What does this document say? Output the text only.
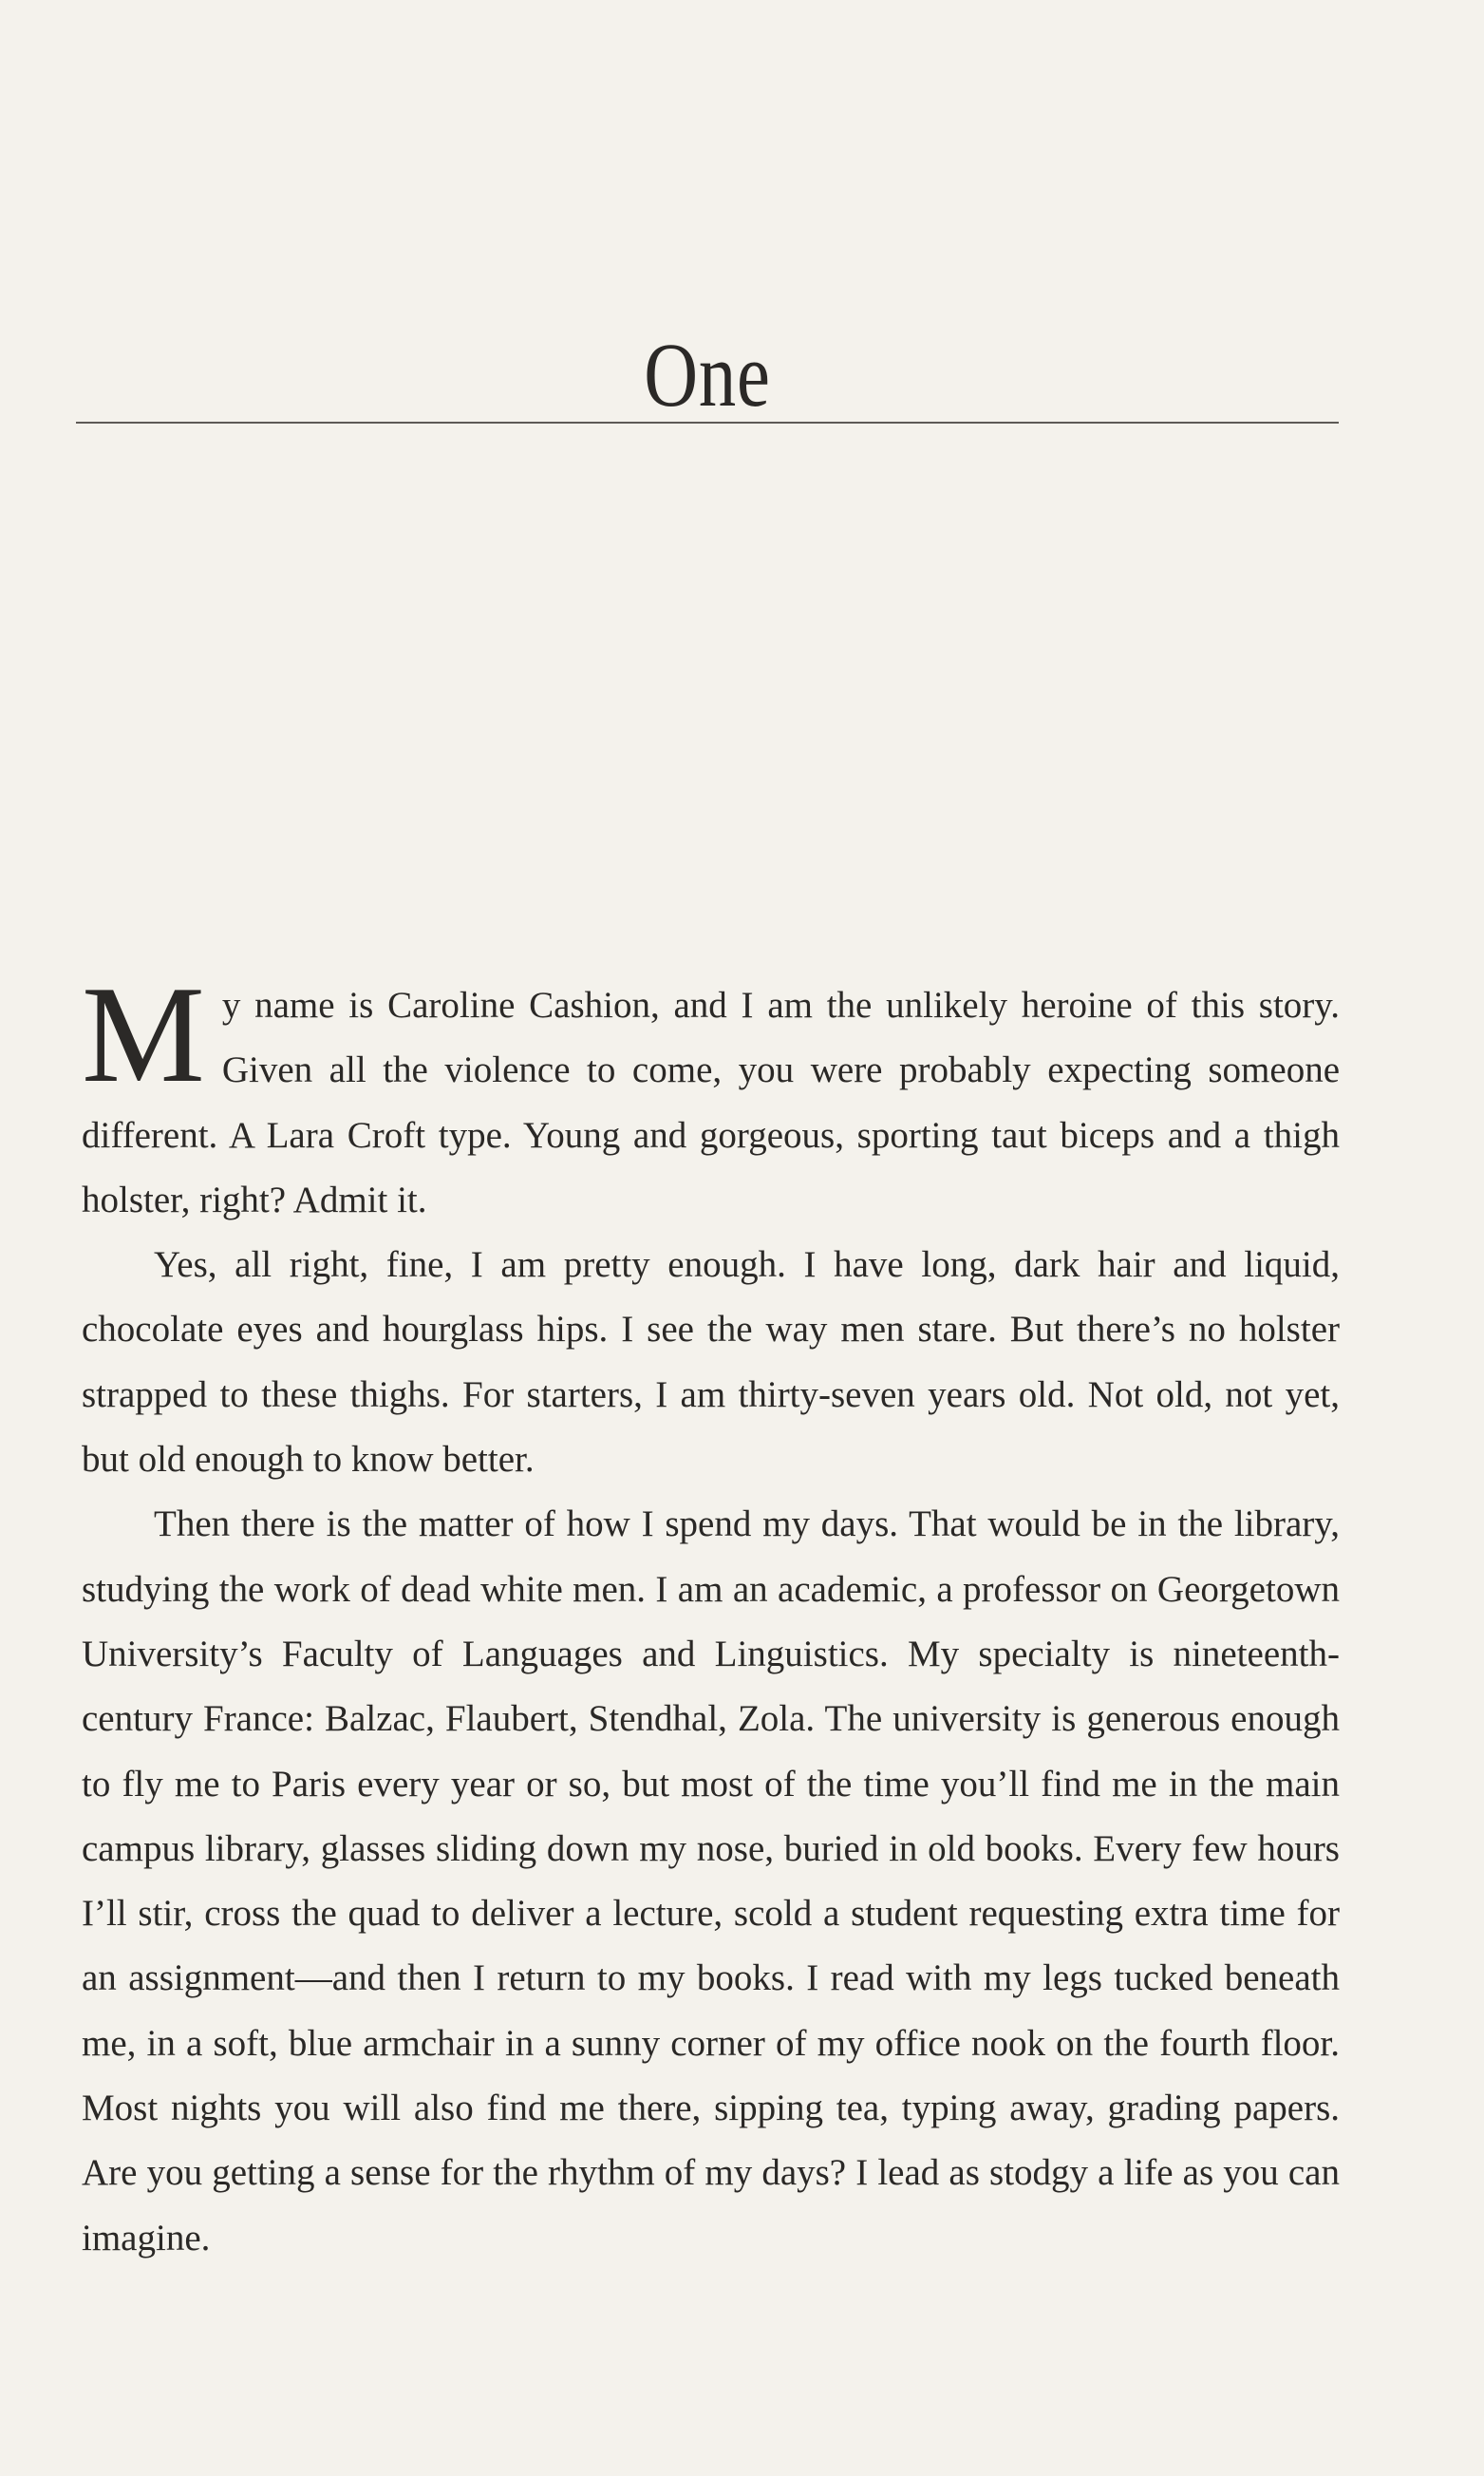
One

My name is Caroline Cashion, and I am the unlikely heroine of this story. Given all the violence to come, you were probably expecting someone different. A Lara Croft type. Young and gorgeous, sporting taut biceps and a thigh holster, right? Admit it.

Yes, all right, fine, I am pretty enough. I have long, dark hair and liquid, chocolate eyes and hourglass hips. I see the way men stare. But there’s no holster strapped to these thighs. For starters, I am thirty-seven years old. Not old, not yet, but old enough to know better.

Then there is the matter of how I spend my days. That would be in the library, studying the work of dead white men. I am an academic, a professor on Georgetown University’s Faculty of Languages and Linguistics. My specialty is nineteenth-century France: Balzac, Flaubert, Stendhal, Zola. The university is generous enough to fly me to Paris every year or so, but most of the time you’ll find me in the main campus library, glasses sliding down my nose, buried in old books. Every few hours I’ll stir, cross the quad to deliver a lecture, scold a student requesting extra time for an assignment—and then I return to my books. I read with my legs tucked beneath me, in a soft, blue armchair in a sunny corner of my office nook on the fourth floor. Most nights you will also find me there, sipping tea, typing away, grading papers. Are you getting a sense for the rhythm of my days? I lead as stodgy a life as you can imagine.
